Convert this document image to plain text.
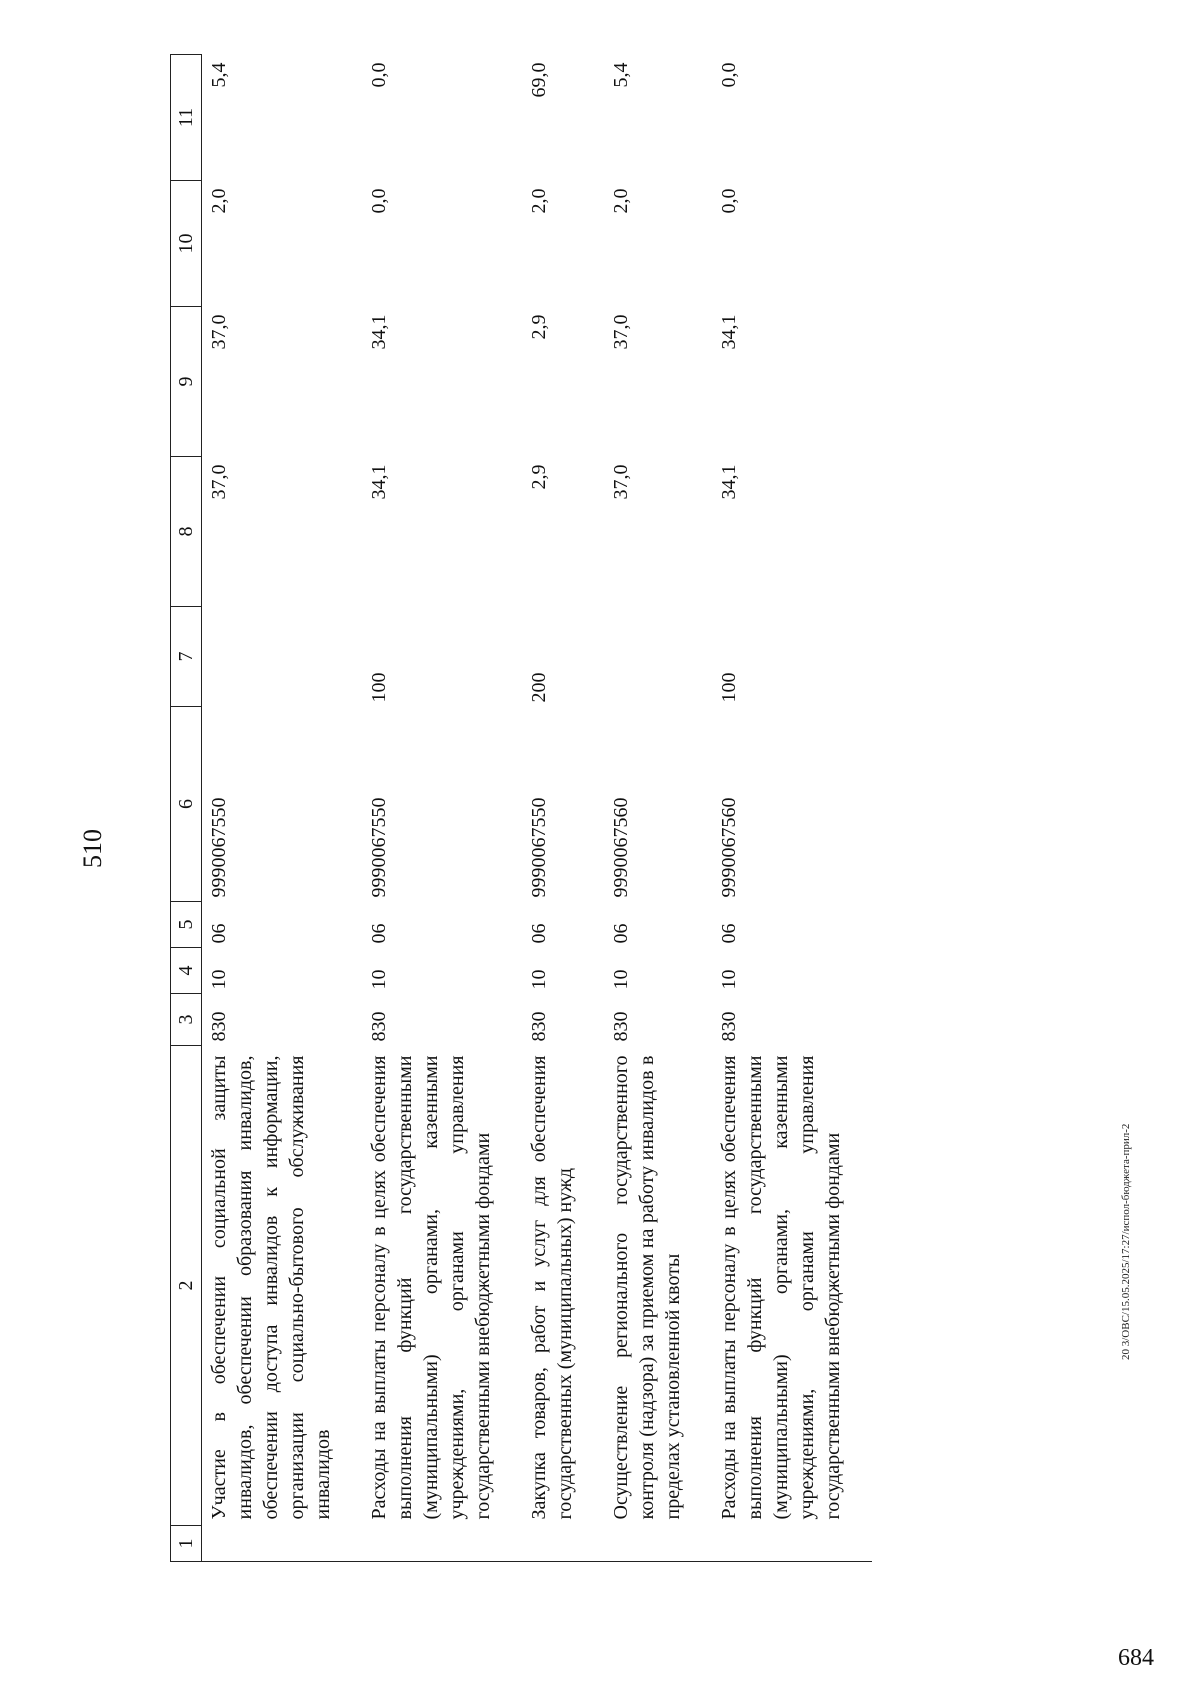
510
1	2	3	4	5	6	7	8	9	10	11
	Участие в обеспечении социальной защиты инвалидов, обеспечении образования инвалидов, обеспечении доступа инвалидов к информации, организации социально-бытового обслуживания инвалидов	830	10	06	9990067550		37,0	37,0	2,0	5,4
	Расходы на выплаты персоналу в целях обеспечения выполнения функций государственными (муниципальными) органами, казенными учреждениями, органами управления государственными внебюджетными фондами	830	10	06	9990067550	100	34,1	34,1	0,0	0,0
	Закупка товаров, работ и услуг для обеспечения государственных (муниципальных) нужд	830	10	06	9990067550	200	2,9	2,9	2,0	69,0
	Осуществление регионального государственного контроля (надзора) за приемом на работу инвалидов в пределах установленной квоты	830	10	06	9990067560		37,0	37,0	2,0	5,4
	Расходы на выплаты персоналу в целях обеспечения выполнения функций государственными (муниципальными) органами, казенными учреждениями, органами управления государственными внебюджетными фондами	830	10	06	9990067560	100	34,1	34,1	0,0	0,0
20 3/ОВС/15.05.2025/17:27/испол-бюджета-прил-2
684
